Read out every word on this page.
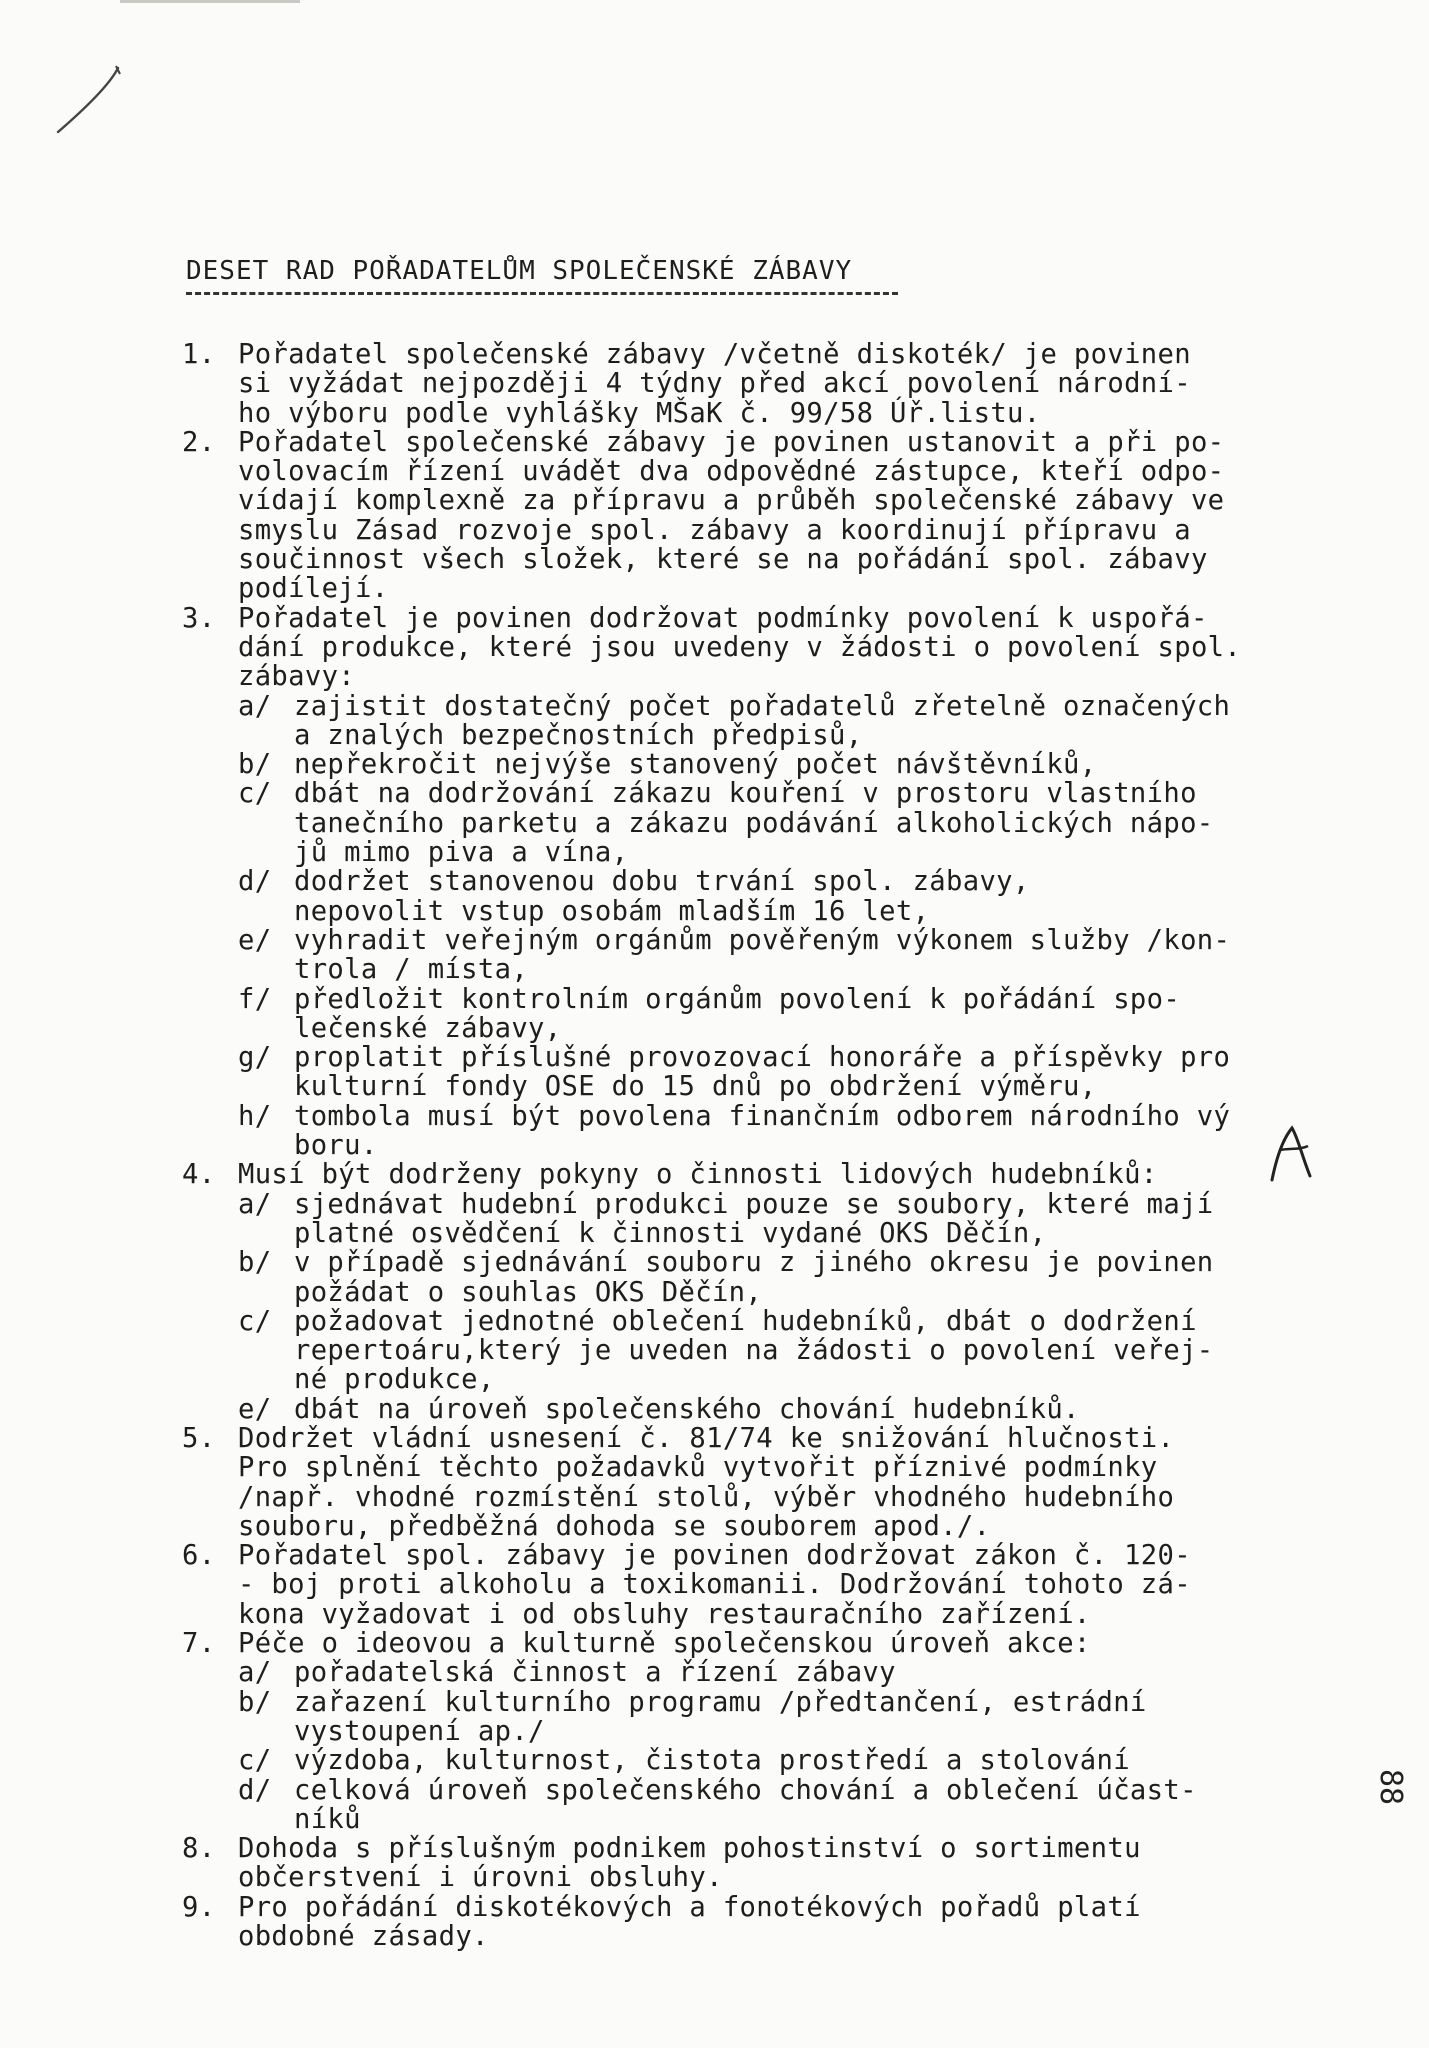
DESET RAD POŘADATELŮM SPOLEČENSKÉ ZÁBAVY
1. Pořadatel společenské zábavy /včetně diskoték/ je povinen
si vyžádat nejpozději 4 týdny před akcí povolení národní-
ho výboru podle vyhlášky MŠaK č. 99/58 Úř.listu.
2. Pořadatel společenské zábavy je povinen ustanovit a při po-
volovacím řízení uvádět dva odpovědné zástupce, kteří odpo-
vídají komplexně za přípravu a průběh společenské zábavy ve
smyslu Zásad rozvoje spol. zábavy a koordinují přípravu a
součinnost všech složek, které se na pořádání spol. zábavy
podílejí.
3. Pořadatel je povinen dodržovat podmínky povolení k uspořá-
dání produkce, které jsou uvedeny v žádosti o povolení spol.
zábavy:
a/ zajistit dostatečný počet pořadatelů zřetelně označených
a znalých bezpečnostních předpisů,
b/ nepřekročit nejvýše stanovený počet návštěvníků,
c/ dbát na dodržování zákazu kouření v prostoru vlastního
tanečního parketu a zákazu podávání alkoholických nápo-
jů mimo piva a vína,
d/ dodržet stanovenou dobu trvání spol. zábavy,
nepovolit vstup osobám mladším 16 let,
e/ vyhradit veřejným orgánům pověřeným výkonem služby /kon-
trola / místa,
f/ předložit kontrolním orgánům povolení k pořádání spo-
lečenské zábavy,
g/ proplatit příslušné provozovací honoráře a příspěvky pro
kulturní fondy OSE do 15 dnů po obdržení výměru,
h/ tombola musí být povolena finančním odborem národního vý
boru.
4. Musí být dodrženy pokyny o činnosti lidových hudebníků:
a/ sjednávat hudební produkci pouze se soubory, které mají
platné osvědčení k činnosti vydané OKS Děčín,
b/ v případě sjednávání souboru z jiného okresu je povinen
požádat o souhlas OKS Děčín,
c/ požadovat jednotné oblečení hudebníků, dbát o dodržení
repertoáru,který je uveden na žádosti o povolení veřej-
né produkce,
e/ dbát na úroveň společenského chování hudebníků.
5. Dodržet vládní usnesení č. 81/74 ke snižování hlučnosti.
Pro splnění těchto požadavků vytvořit příznivé podmínky
/např. vhodné rozmístění stolů, výběr vhodného hudebního
souboru, předběžná dohoda se souborem apod./.
6. Pořadatel spol. zábavy je povinen dodržovat zákon č. 120-
- boj proti alkoholu a toxikomanii. Dodržování tohoto zá-
kona vyžadovat i od obsluhy restauračního zařízení.
7. Péče o ideovou a kulturně společenskou úroveň akce:
a/ pořadatelská činnost a řízení zábavy
b/ zařazení kulturního programu /předtančení, estrádní
vystoupení ap./
c/ výzdoba, kulturnost, čistota prostředí a stolování
d/ celková úroveň společenského chování a oblečení účast-
níků
8. Dohoda s příslušným podnikem pohostinství o sortimentu
občerstvení i úrovni obsluhy.
9. Pro pořádání diskotékových a fonotékových pořadů platí
obdobné zásady.
88
